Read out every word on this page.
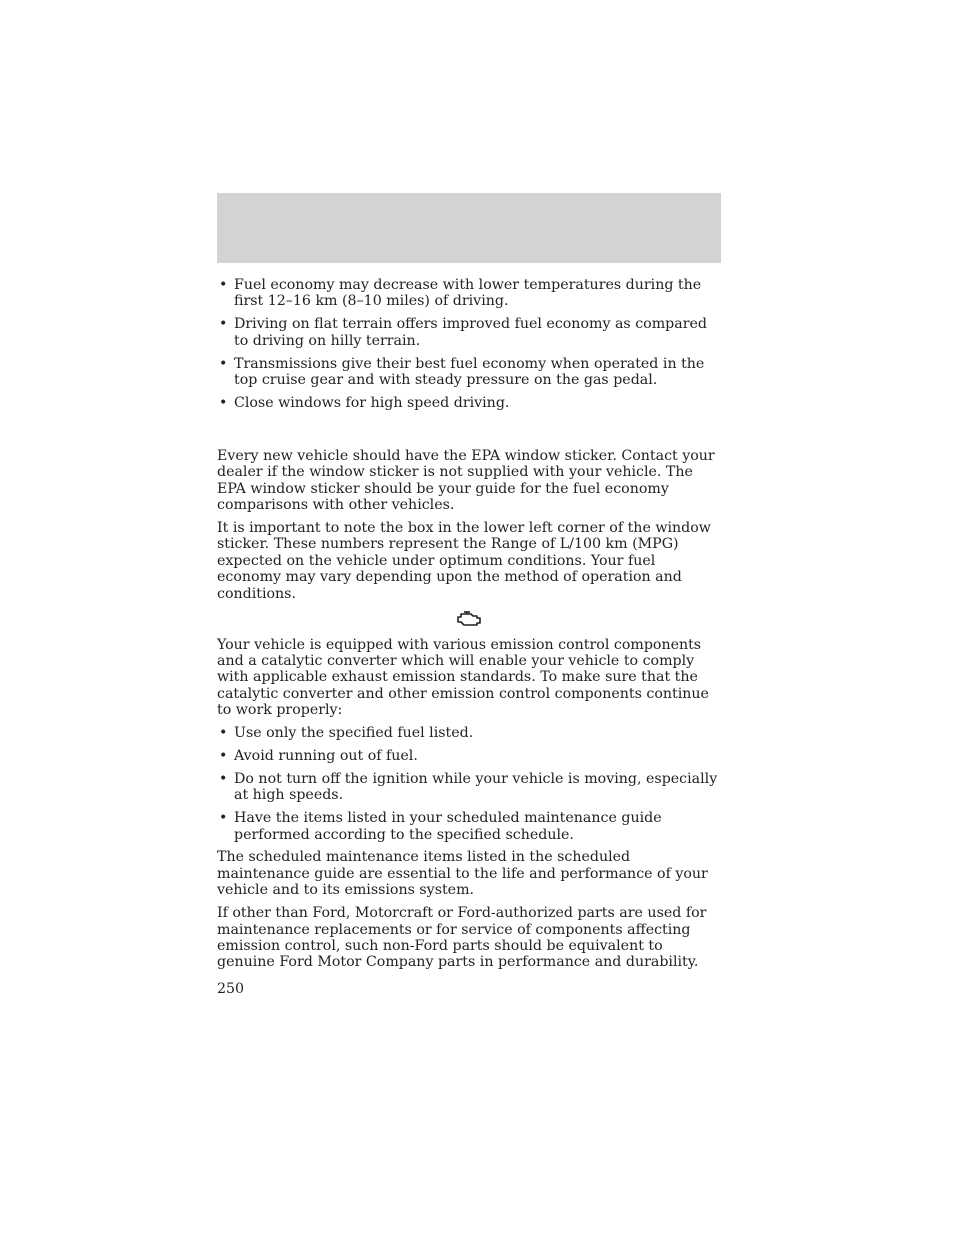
• Fuel economy may decrease with lower temperatures during the first 12–16 km (8–10 miles) of driving.
• Driving on flat terrain offers improved fuel economy as compared to driving on hilly terrain.
• Transmissions give their best fuel economy when operated in the top cruise gear and with steady pressure on the gas pedal.
• Close windows for high speed driving.

Every new vehicle should have the EPA window sticker. Contact your dealer if the window sticker is not supplied with your vehicle. The EPA window sticker should be your guide for the fuel economy comparisons with other vehicles.

It is important to note the box in the lower left corner of the window sticker. These numbers represent the Range of L/100 km (MPG) expected on the vehicle under optimum conditions. Your fuel economy may vary depending upon the method of operation and conditions.

Your vehicle is equipped with various emission control components and a catalytic converter which will enable your vehicle to comply with applicable exhaust emission standards. To make sure that the catalytic converter and other emission control components continue to work properly:

• Use only the specified fuel listed.
• Avoid running out of fuel.
• Do not turn off the ignition while your vehicle is moving, especially at high speeds.
• Have the items listed in your scheduled maintenance guide performed according to the specified schedule.

The scheduled maintenance items listed in the scheduled maintenance guide are essential to the life and performance of your vehicle and to its emissions system.

If other than Ford, Motorcraft or Ford-authorized parts are used for maintenance replacements or for service of components affecting emission control, such non-Ford parts should be equivalent to genuine Ford Motor Company parts in performance and durability.

250
